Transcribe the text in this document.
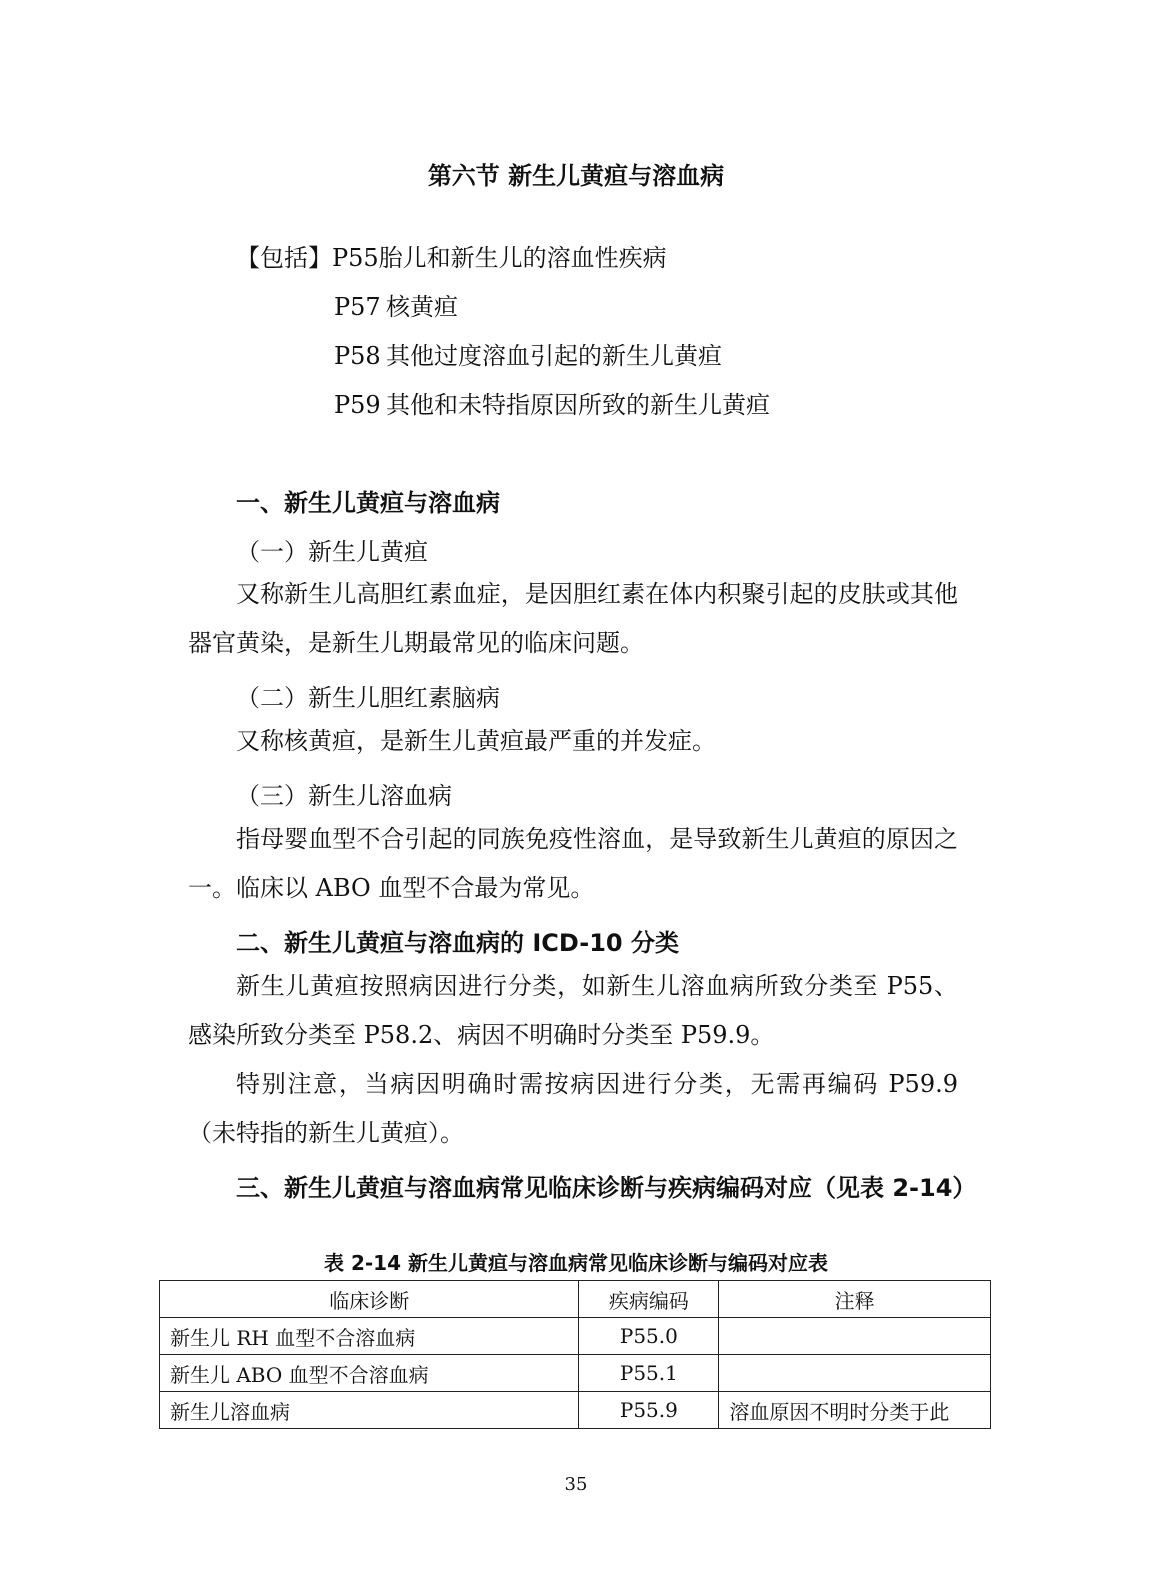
第六节 新生儿黄疸与溶血病
【包括】P55胎儿和新生儿的溶血性疾病
P57 核黄疸
P58 其他过度溶血引起的新生儿黄疸
P59 其他和未特指原因所致的新生儿黄疸
一、新生儿黄疸与溶血病
（一）新生儿黄疸
又称新生儿高胆红素血症，是因胆红素在体内积聚引起的皮肤或其他器官黄染，是新生儿期最常见的临床问题。
（二）新生儿胆红素脑病
又称核黄疸，是新生儿黄疸最严重的并发症。
（三）新生儿溶血病
指母婴血型不合引起的同族免疫性溶血，是导致新生儿黄疸的原因之一。临床以 ABO 血型不合最为常见。
二、新生儿黄疸与溶血病的 ICD-10 分类
新生儿黄疸按照病因进行分类，如新生儿溶血病所致分类至 P55、感染所致分类至 P58.2、病因不明确时分类至 P59.9。
特别注意，当病因明确时需按病因进行分类，无需再编码 P59.9（未特指的新生儿黄疸）。
三、新生儿黄疸与溶血病常见临床诊断与疾病编码对应（见表 2-14）
表 2-14 新生儿黄疸与溶血病常见临床诊断与编码对应表
临床诊断	疾病编码	注释
新生儿 RH 血型不合溶血病	P55.0	
新生儿 ABO 血型不合溶血病	P55.1	
新生儿溶血病	P55.9	溶血原因不明时分类于此
35
